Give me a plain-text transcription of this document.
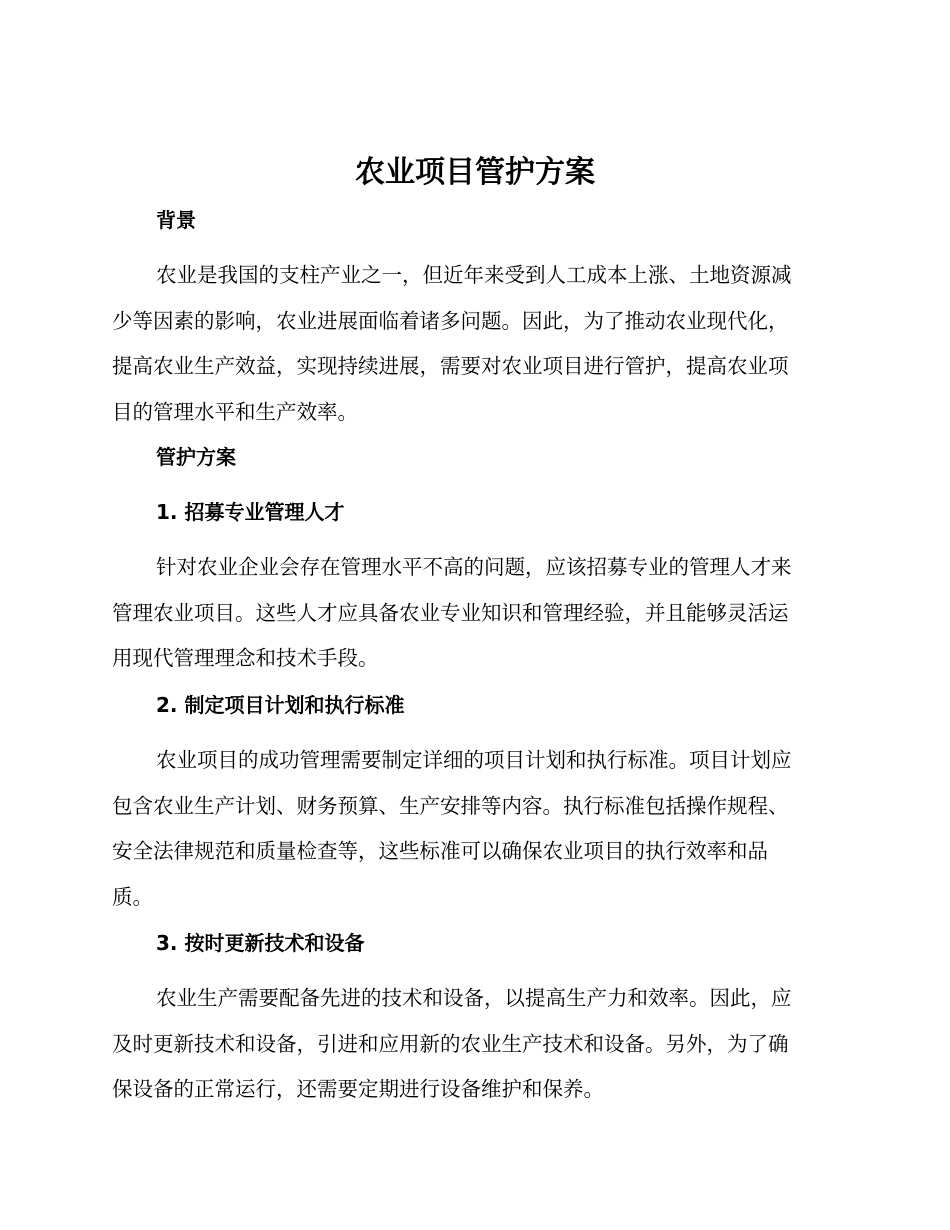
农业项目管护方案
背景

农业是我国的支柱产业之一，但近年来受到人工成本上涨、土地资源减
少等因素的影响，农业进展面临着诸多问题。因此，为了推动农业现代化，
提高农业生产效益，实现持续进展，需要对农业项目进行管护，提高农业项
目的管理水平和生产效率。

管护方案
1. 招募专业管理人才

针对农业企业会存在管理水平不高的问题，应该招募专业的管理人才来
管理农业项目。这些人才应具备农业专业知识和管理经验，并且能够灵活运
用现代管理理念和技术手段。

2. 制定项目计划和执行标准

农业项目的成功管理需要制定详细的项目计划和执行标准。项目计划应
包含农业生产计划、财务预算、生产安排等内容。执行标准包括操作规程、
安全法律规范和质量检查等，这些标准可以确保农业项目的执行效率和品
质。

3. 按时更新技术和设备

农业生产需要配备先进的技术和设备，以提高生产力和效率。因此，应
及时更新技术和设备，引进和应用新的农业生产技术和设备。另外，为了确
保设备的正常运行，还需要定期进行设备维护和保养。
